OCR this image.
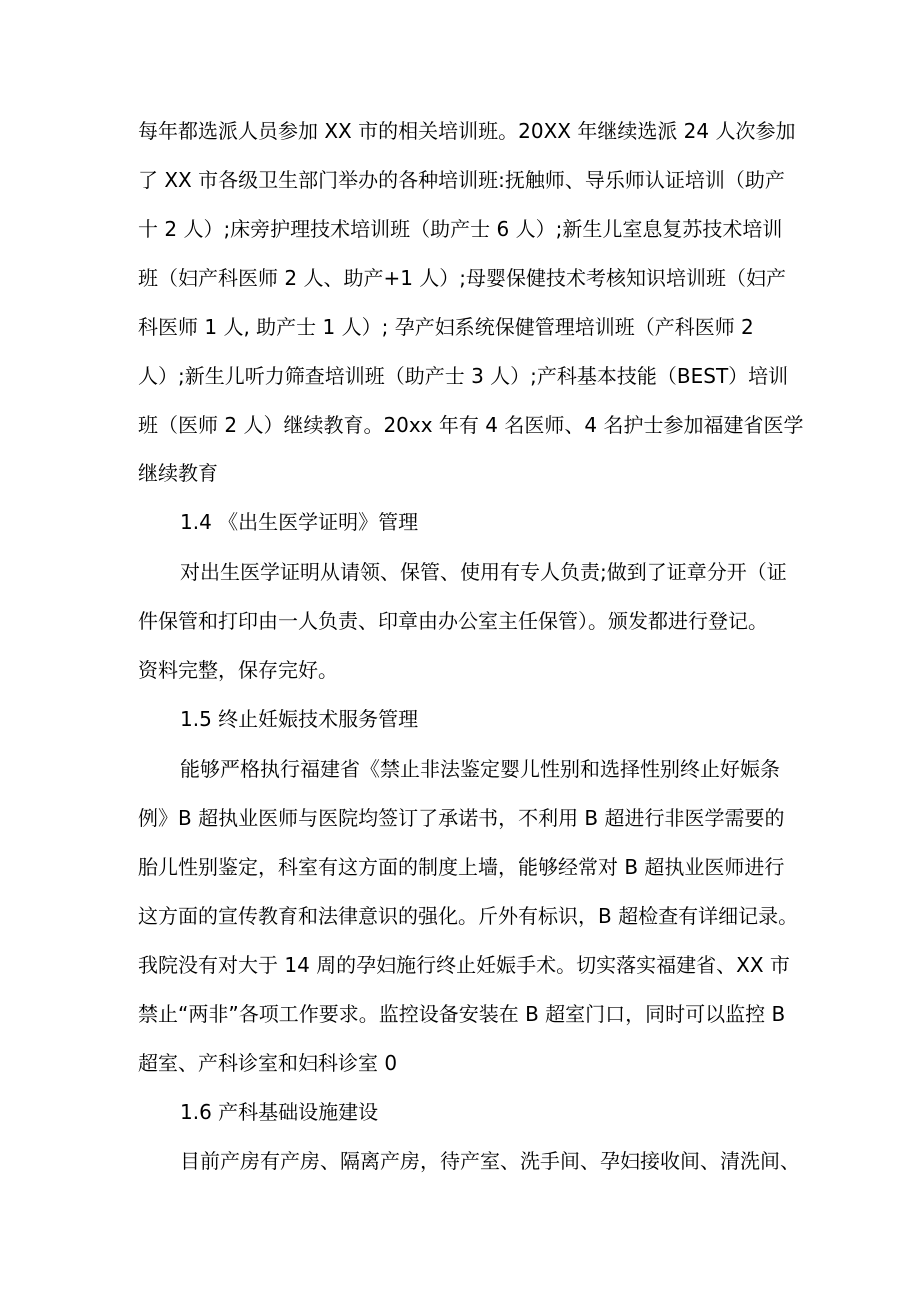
每年都选派人员参加 XX 市的相关培训班。20XX 年继续选派 24 人次参加
了 XX 市各级卫生部门举办的各种培训班:抚触师、导乐师认证培训（助产
十 2 人）;床旁护理技术培训班（助产士 6 人）;新生儿室息复苏技术培训
班（妇产科医师 2 人、助产+1 人）;母婴保健技术考核知识培训班（妇产
科医师 1 人, 助产士 1 人）; 孕产妇系统保健管理培训班（产科医师 2
人）;新生儿听力筛查培训班（助产士 3 人）;产科基本技能（BEST）培训
班（医师 2 人）继续教育。20xx 年有 4 名医师、4 名护士参加福建省医学
继续教育
1.4 《出生医学证明》管理
对出生医学证明从请领、保管、使用有专人负责;做到了证章分开（证
件保管和打印由一人负责、印章由办公室主任保管）。颁发都进行登记。
资料完整，保存完好。
1.5 终止妊娠技术服务管理
能够严格执行福建省《禁止非法鉴定婴儿性别和选择性别终止好娠条
例》B 超执业医师与医院均签订了承诺书，不利用 B 超进行非医学需要的
胎儿性别鉴定，科室有这方面的制度上墙，能够经常对 B 超执业医师进行
这方面的宣传教育和法律意识的强化。斤外有标识，B 超检查有详细记录。
我院没有对大于 14 周的孕妇施行终止妊娠手术。切实落实福建省、XX 市
禁止“两非”各项工作要求。监控设备安装在 B 超室门口，同时可以监控 B
超室、产科诊室和妇科诊室 0
1.6 产科基础设施建设
目前产房有产房、隔离产房，待产室、洗手间、孕妇接收间、清洗间、
